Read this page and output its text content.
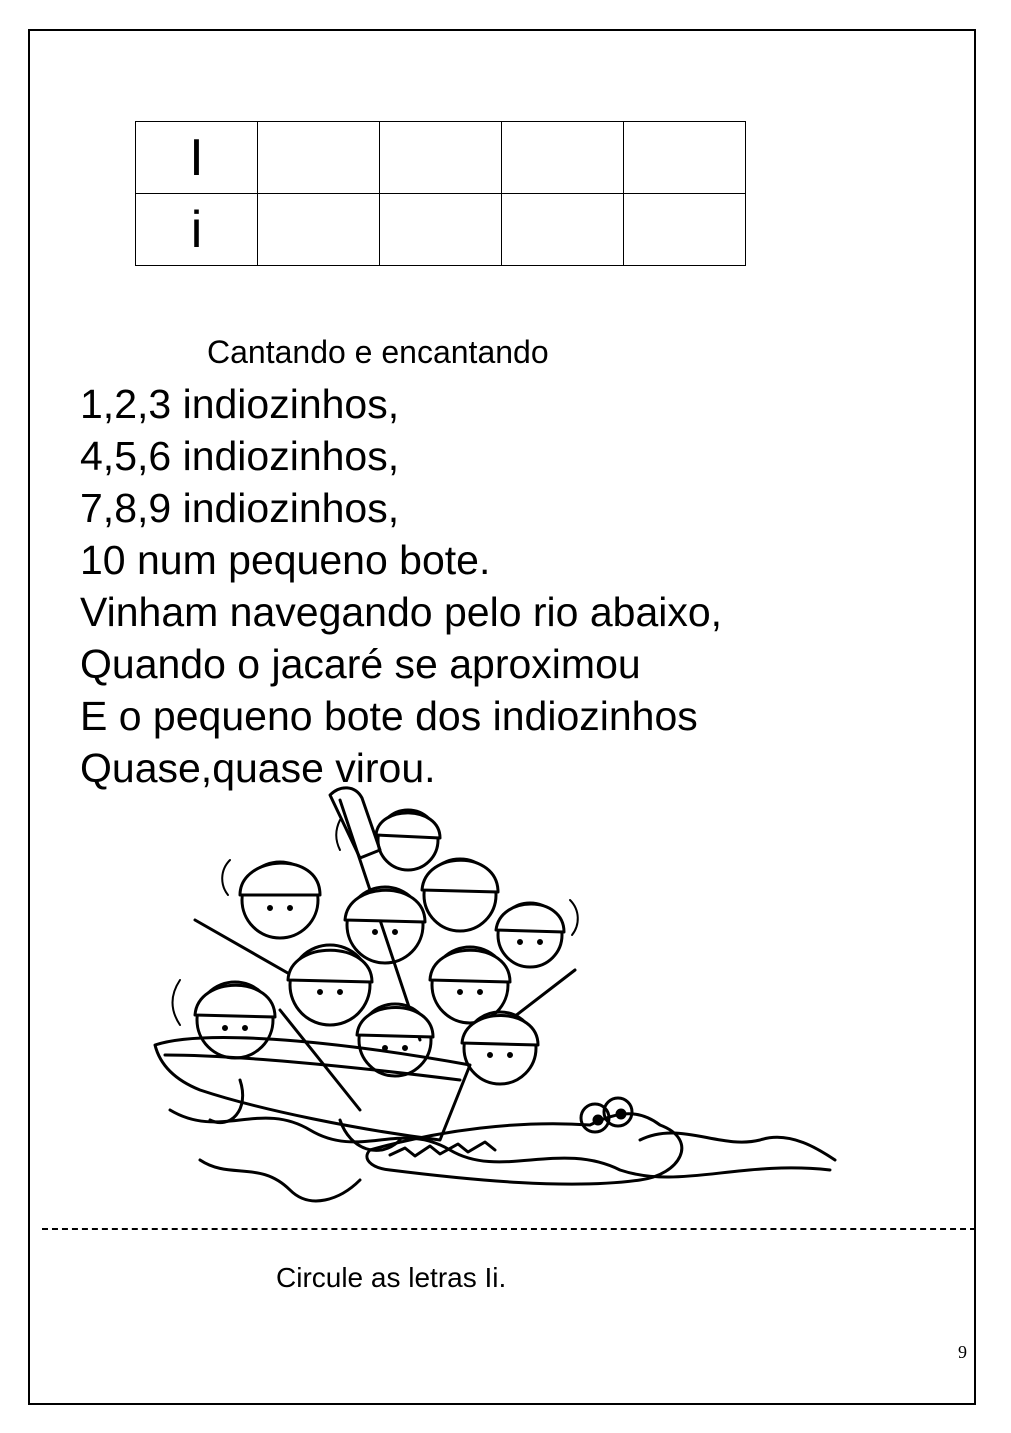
I				
i				
Cantando e encantando
1,2,3 indiozinhos,
4,5,6 indiozinhos,
7,8,9 indiozinhos,
10 num pequeno bote.
Vinham navegando pelo rio abaixo,
Quando o jacaré se aproximou
E o pequeno bote dos indiozinhos
Quase,quase virou.
Circule as letras Ii.
9
